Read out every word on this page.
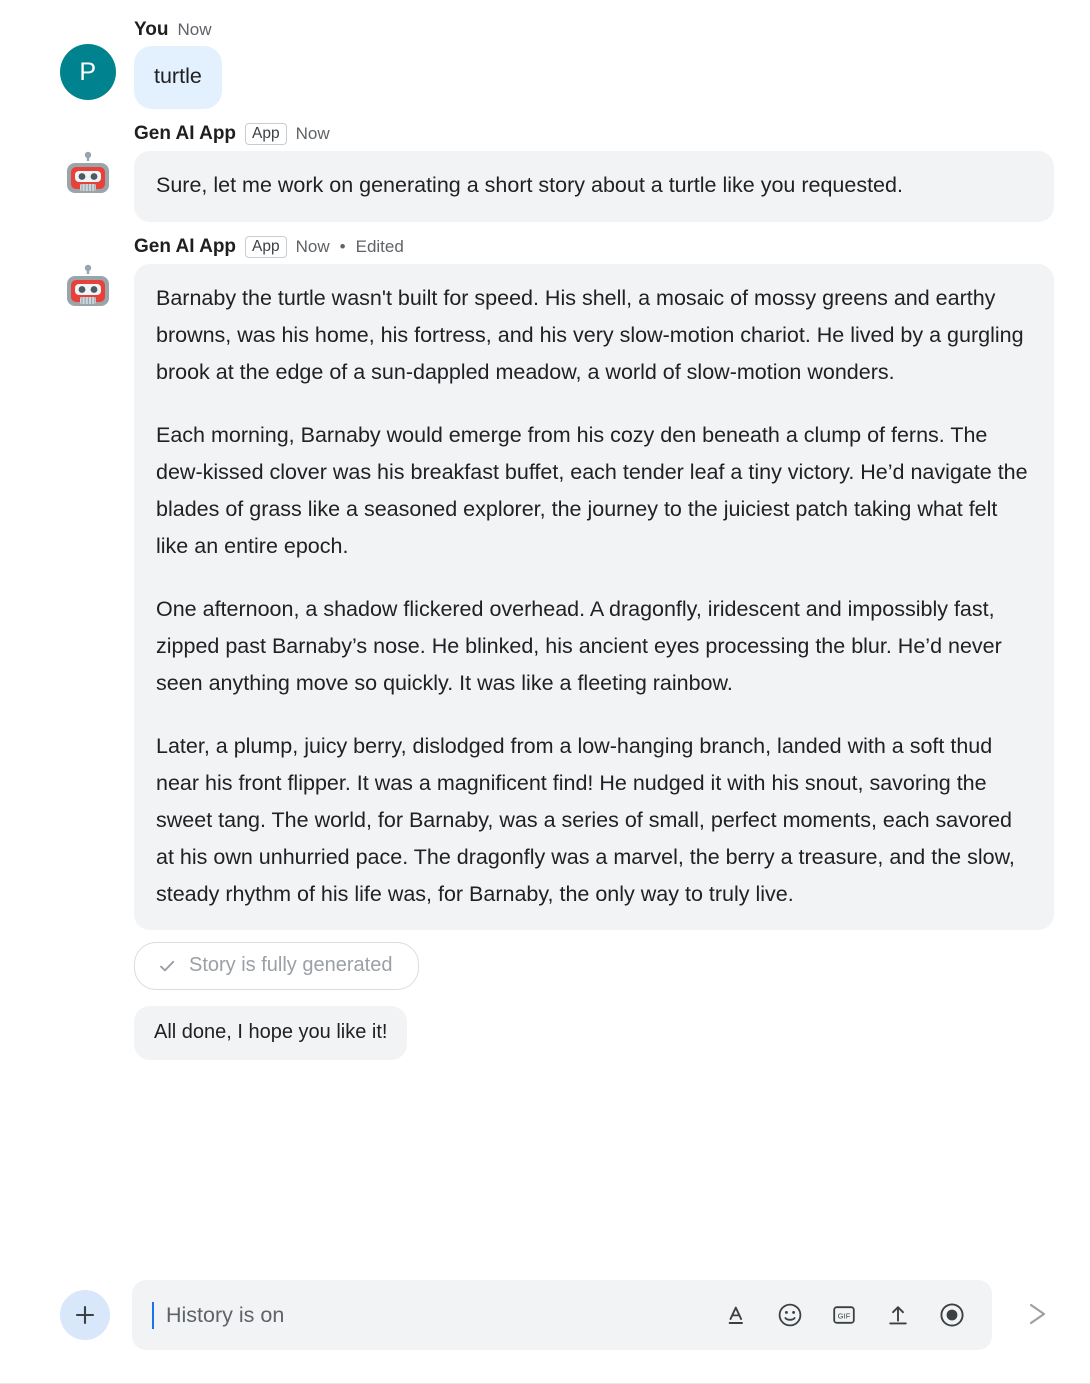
P
You Now

turtle

Gen AI App	App Now

Sure, let me work on generating a short story about a turtle like you requested.

Gen AI App	App Now • Edited

Barnaby the turtle wasn't built for speed. His shell, a mosaic of mossy greens and earthy browns, was his home, his fortress, and his very slow-motion chariot. He lived by a gurgling brook at the edge of a sun-dappled meadow, a world of slow-motion wonders.

Each morning, Barnaby would emerge from his cozy den beneath a clump of ferns. The dew-kissed clover was his breakfast buffet, each tender leaf a tiny victory. He’d navigate the blades of grass like a seasoned explorer, the journey to the juiciest patch taking what felt like an entire epoch.

One afternoon, a shadow flickered overhead. A dragonfly, iridescent and impossibly fast, zipped past Barnaby’s nose. He blinked, his ancient eyes processing the blur. He’d never seen anything move so quickly. It was like a fleeting rainbow.

Later, a plump, juicy berry, dislodged from a low-hanging branch, landed with a soft thud near his front flipper. It was a magnificent find! He nudged it with his snout, savoring the sweet tang. The world, for Barnaby, was a series of small, perfect moments, each savored at his own unhurried pace. The dragonfly was a marvel, the berry a treasure, and the slow, steady rhythm of his life was, for Barnaby, the only way to truly live.

Story is fully generated
All done, I hope you like it!
History is on	GIF
